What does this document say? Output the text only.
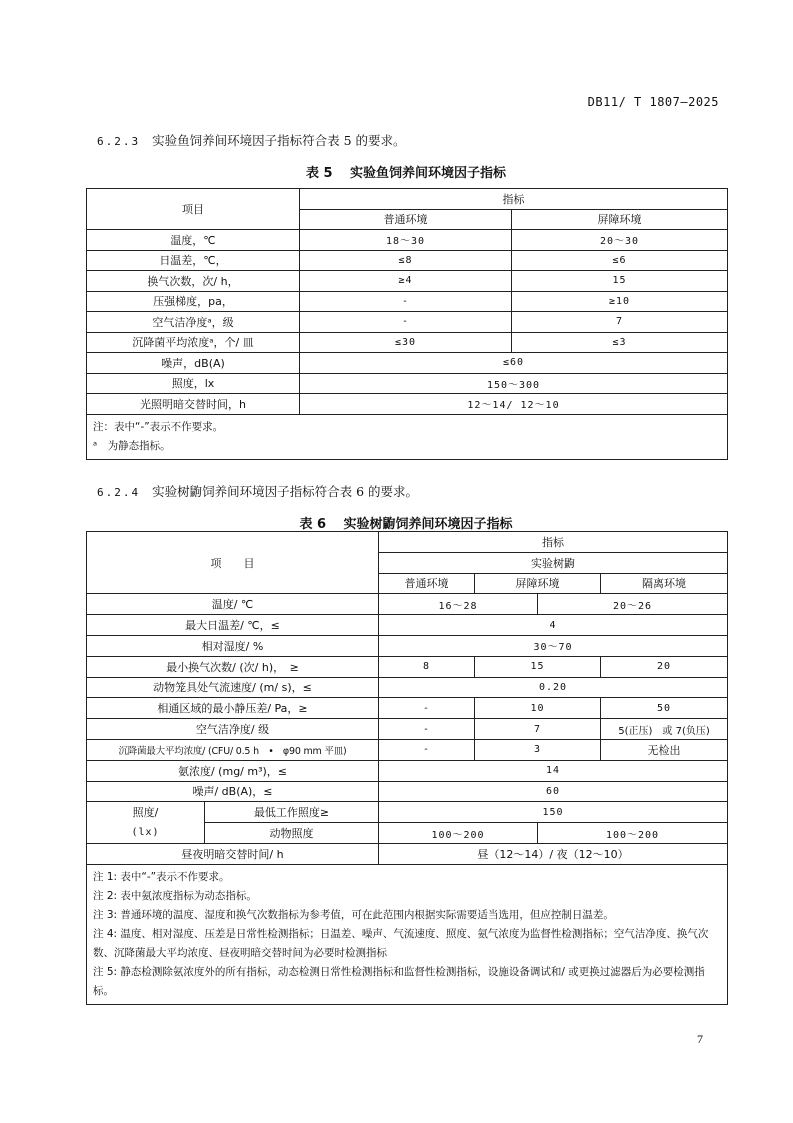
DB11/ T 1807—2025
6.2.3 实验鱼饲养间环境因子指标符合表 5 的要求。
表 5　 实验鱼饲养间环境因子指标
项目	指标	
	普通环境	屏障环境
温度，℃	18～30	20～30
日温差，℃，	≤8	≤6
换气次数，次/ h，	≥4	15
压强梯度，pa，	-	≥10
空气洁净度ᵃ，级	-	7
沉降菌平均浓度ᵃ，个/ 皿	≤30	≤3
噪声，dB(A)	≤60	
照度，lx	150～300	
光照明暗交替时间，h	12～14/ 12～10	

注：表中“-”表示不作要求。
ᵃ　为静态指标。		
6.2.4 实验树鼩饲养间环境因子指标符合表 6 的要求。
表 6　 实验树鼩饲养间环境因子指标
项　　目		指标			
		实验树鼩			
		普通环境	屏障环境		隔离环境
温度/ ℃		16～28		20～26	
最大日温差/ ℃，≤		4			
相对湿度/ %		30～70			
最小换气次数/ (次/ h)，　≥		8	15		20
动物笼具处气流速度/ (m/ s)，≤		0.20			
相通区域的最小静压差/ Pa，≥		-	10		50
空气洁净度/ 级		-	7		5(正压)　或 7(负压)
沉降菌最大平均浓度/ (CFU/ 0.5 h　•　φ90 mm 平皿)		-	3		无检出
氨浓度/ (mg/ m³)，≤		14			
噪声/ dB(A)，≤		60			

照度/
(lx)	最低工作照度≥	150			
	动物照度	100～200		100～200	
昼夜明暗交替时间/ h		昼（12～14）/ 夜（12～10）			

注 1: 表中“-”表示不作要求。
注 2: 表中氨浓度指标为动态指标。
注 3: 普通环境的温度、湿度和换气次数指标为参考值，可在此范围内根据实际需要适当选用，但应控制日温差。
注 4: 温度、相对湿度、压差是日常性检测指标；日温差、噪声、气流速度、照度、氨气浓度为监督性检测指标；空气洁净度、换气次数、沉降菌最大平均浓度、昼夜明暗交替时间为必要时检测指标
注 5: 静态检测除氨浓度外的所有指标，动态检测日常性检测指标和监督性检测指标，设施设备调试和/ 或更换过滤器后为必要检测指标。					
7
